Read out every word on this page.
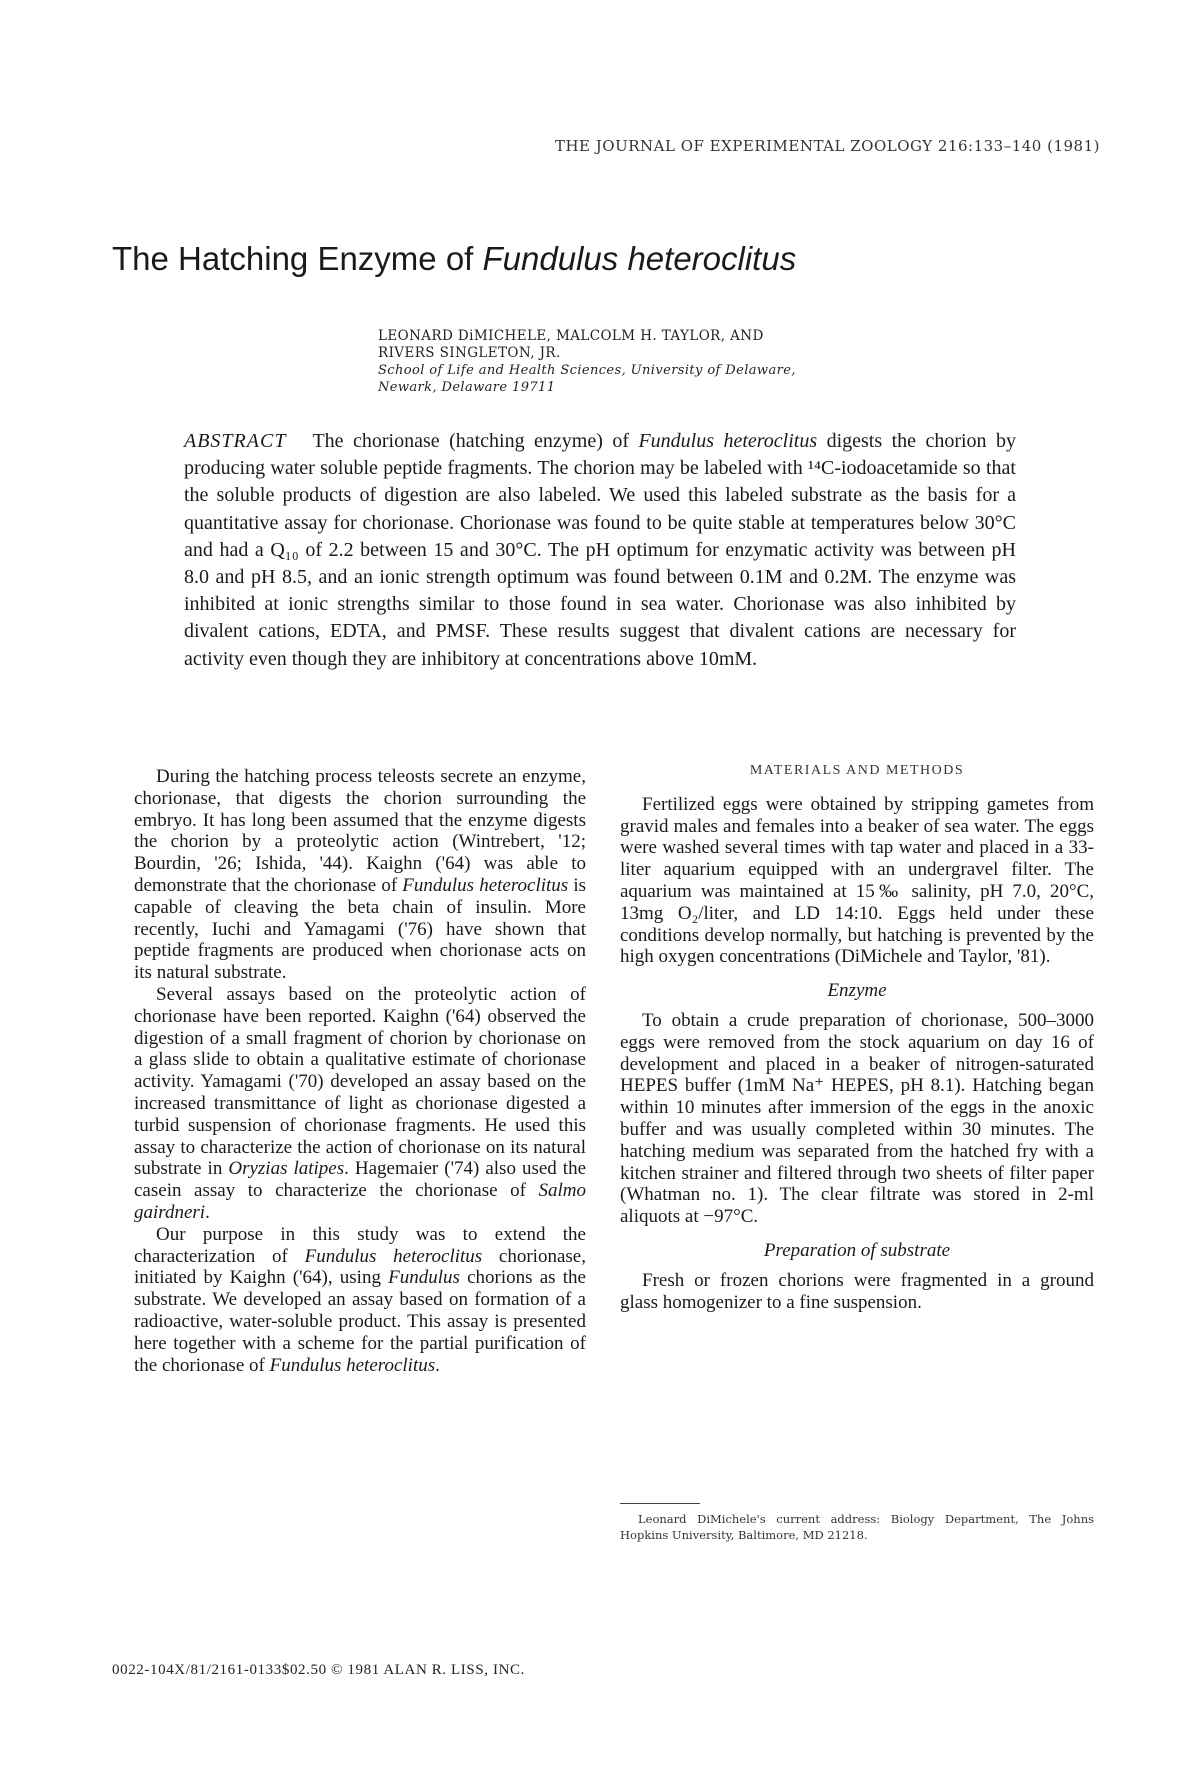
THE JOURNAL OF EXPERIMENTAL ZOOLOGY 216:133–140 (1981)
The Hatching Enzyme of Fundulus heteroclitus
LEONARD DiMICHELE, MALCOLM H. TAYLOR, AND
RIVERS SINGLETON, JR.
School of Life and Health Sciences, University of Delaware,
Newark, Delaware 19711
ABSTRACT The chorionase (hatching enzyme) of Fundulus heteroclitus digests the chorion by producing water soluble peptide fragments. The chorion may be labeled with ¹⁴C-iodoacetamide so that the soluble products of digestion are also labeled. We used this labeled substrate as the basis for a quantitative assay for chorionase. Chorionase was found to be quite stable at temperatures below 30°C and had a Q₁₀ of 2.2 between 15 and 30°C. The pH optimum for enzymatic activity was between pH 8.0 and pH 8.5, and an ionic strength optimum was found between 0.1M and 0.2M. The enzyme was inhibited at ionic strengths similar to those found in sea water. Chorionase was also inhibited by divalent cations, EDTA, and PMSF. These results suggest that divalent cations are necessary for activity even though they are inhibitory at concentrations above 10mM.

During the hatching process teleosts secrete an enzyme, chorionase, that digests the chorion surrounding the embryo. It has long been assumed that the enzyme digests the chorion by a proteolytic action (Wintrebert, '12; Bourdin, '26; Ishida, '44). Kaighn ('64) was able to demonstrate that the chorionase of Fundulus heteroclitus is capable of cleaving the beta chain of insulin. More recently, Iuchi and Yamagami ('76) have shown that peptide fragments are produced when chorionase acts on its natural substrate.

Several assays based on the proteolytic action of chorionase have been reported. Kaighn ('64) observed the digestion of a small fragment of chorion by chorionase on a glass slide to obtain a qualitative estimate of chorionase activity. Yamagami ('70) developed an assay based on the increased transmittance of light as chorionase digested a turbid suspension of chorionase fragments. He used this assay to characterize the action of chorionase on its natural substrate in Oryzias latipes. Hagemaier ('74) also used the casein assay to characterize the chorionase of Salmo gairdneri.

Our purpose in this study was to extend the characterization of Fundulus heteroclitus chorionase, initiated by Kaighn ('64), using Fundulus chorions as the substrate. We developed an assay based on formation of a radioactive, water-soluble product. This assay is presented here together with a scheme for the partial purification of the chorionase of Fundulus heteroclitus.

MATERIALS AND METHODS

Fertilized eggs were obtained by stripping gametes from gravid males and females into a beaker of sea water. The eggs were washed several times with tap water and placed in a 33-liter aquarium equipped with an undergravel filter. The aquarium was maintained at 15‰ salinity, pH 7.0, 20°C, 13mg O₂/liter, and LD 14:10. Eggs held under these conditions develop normally, but hatching is prevented by the high oxygen concentrations (DiMichele and Taylor, '81).

Enzyme

To obtain a crude preparation of chorionase, 500–3000 eggs were removed from the stock aquarium on day 16 of development and placed in a beaker of nitrogen-saturated HEPES buffer (1mM Na⁺ HEPES, pH 8.1). Hatching began within 10 minutes after immersion of the eggs in the anoxic buffer and was usually completed within 30 minutes. The hatching medium was separated from the hatched fry with a kitchen strainer and filtered through two sheets of filter paper (Whatman no. 1). The clear filtrate was stored in 2-ml aliquots at −97°C.

Preparation of substrate

Fresh or frozen chorions were fragmented in a ground glass homogenizer to a fine suspension.

Leonard DiMichele's current address: Biology Department, The Johns Hopkins University, Baltimore, MD 21218.
0022-104X/81/2161-0133$02.50 © 1981 ALAN R. LISS, INC.
